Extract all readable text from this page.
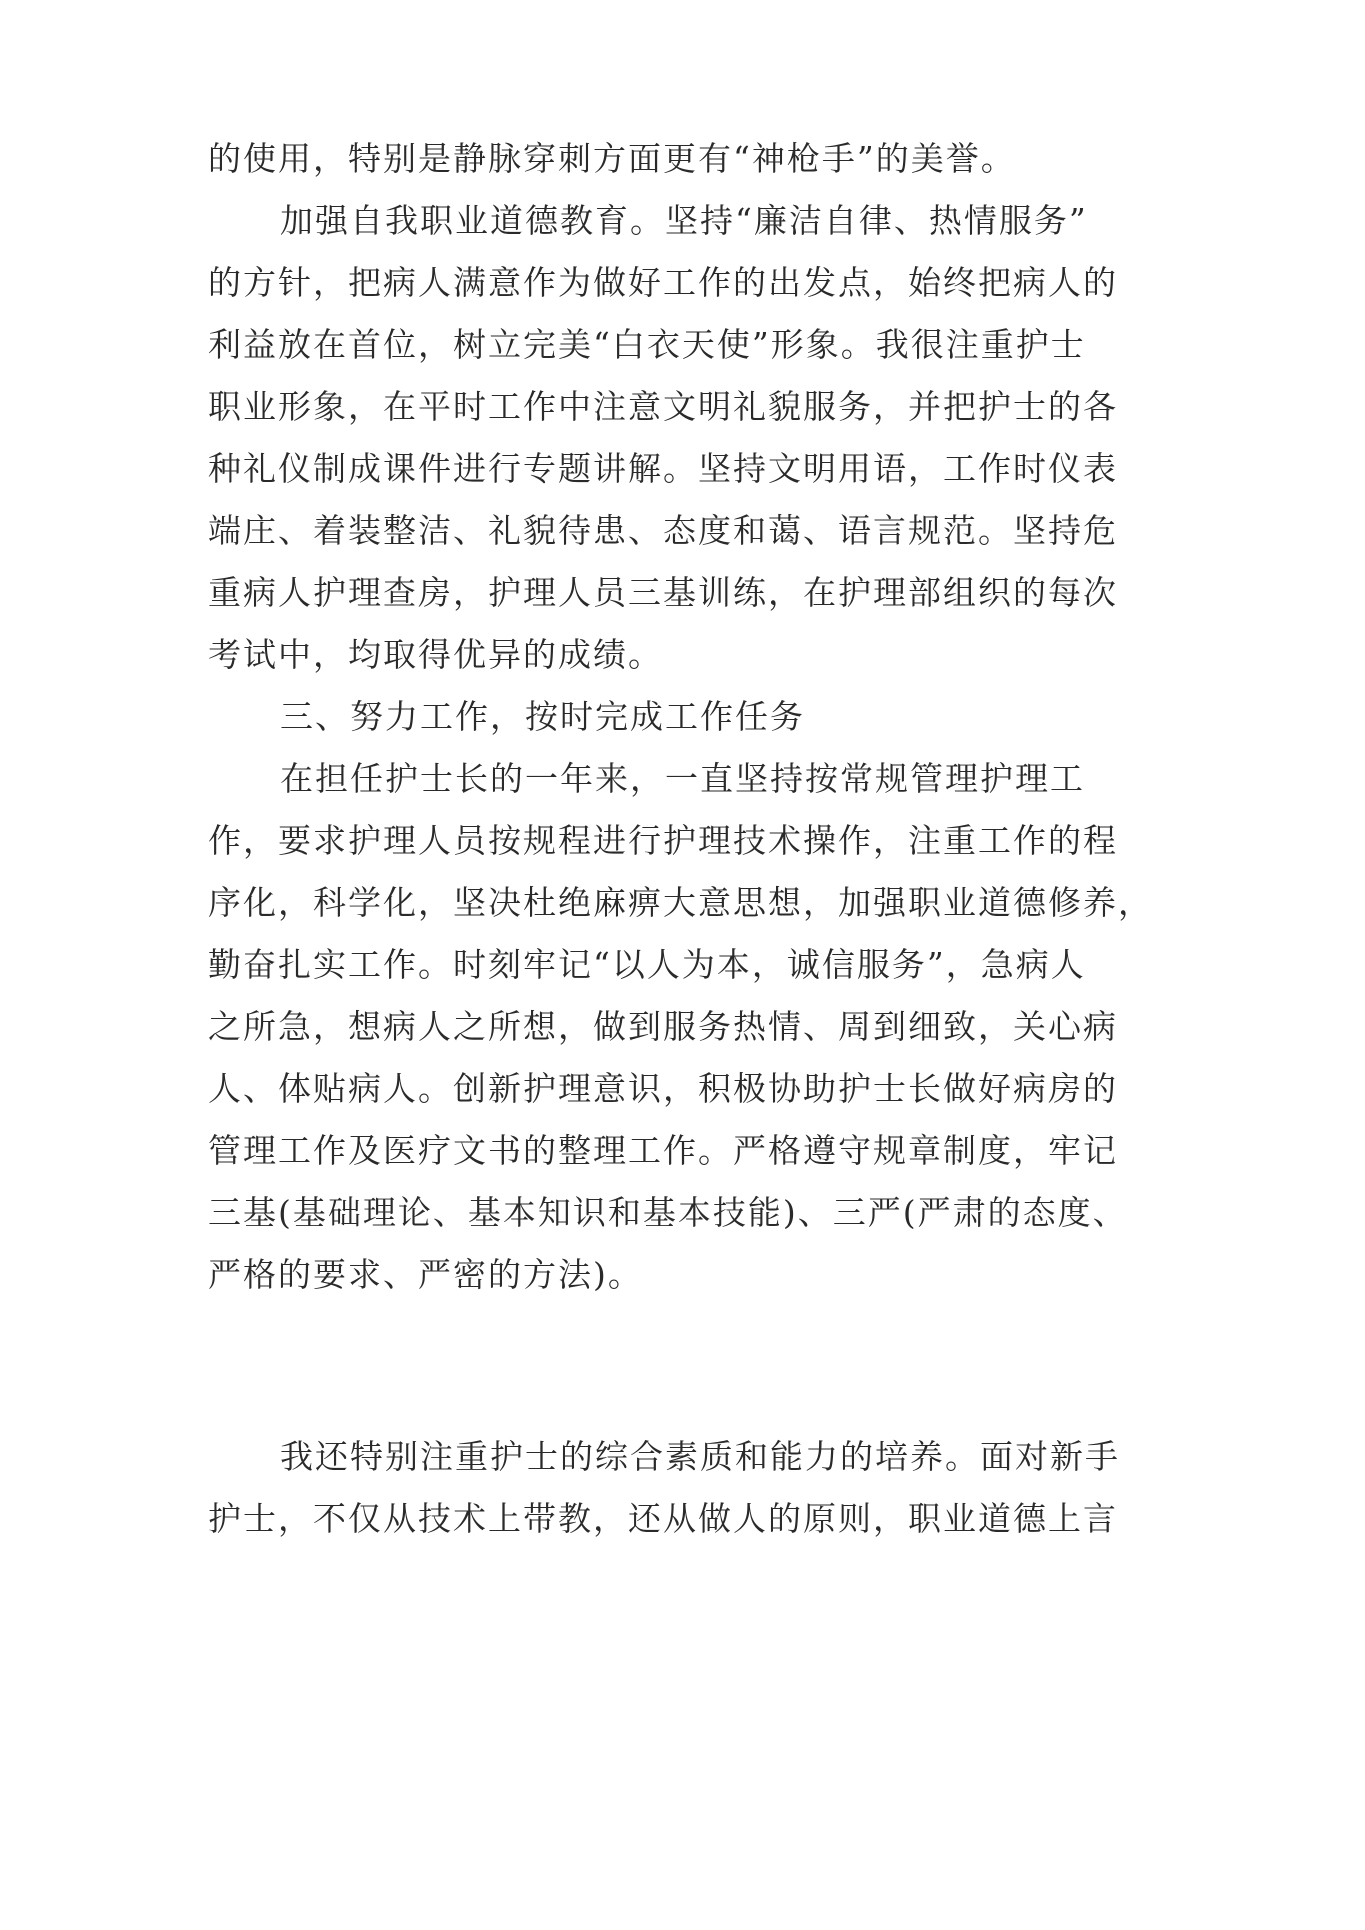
的使用，特别是静脉穿刺方面更有“神枪手”的美誉。
加强自我职业道德教育。坚持“廉洁自律、热情服务”
的方针，把病人满意作为做好工作的出发点，始终把病人的
利益放在首位，树立完美“白衣天使”形象。我很注重护士
职业形象，在平时工作中注意文明礼貌服务，并把护士的各
种礼仪制成课件进行专题讲解。坚持文明用语，工作时仪表
端庄、着装整洁、礼貌待患、态度和蔼、语言规范。坚持危
重病人护理查房，护理人员三基训练，在护理部组织的每次
考试中，均取得优异的成绩。
三、努力工作，按时完成工作任务
在担任护士长的一年来，一直坚持按常规管理护理工
作，要求护理人员按规程进行护理技术操作，注重工作的程
序化，科学化，坚决杜绝麻痹大意思想，加强职业道德修养，
勤奋扎实工作。时刻牢记“以人为本，诚信服务”，急病人
之所急，想病人之所想，做到服务热情、周到细致，关心病
人、体贴病人。创新护理意识，积极协助护士长做好病房的
管理工作及医疗文书的整理工作。严格遵守规章制度，牢记
三基(基础理论、基本知识和基本技能)、三严(严肃的态度、
严格的要求、严密的方法)。
我还特别注重护士的综合素质和能力的培养。面对新手
护士，不仅从技术上带教，还从做人的原则，职业道德上言
